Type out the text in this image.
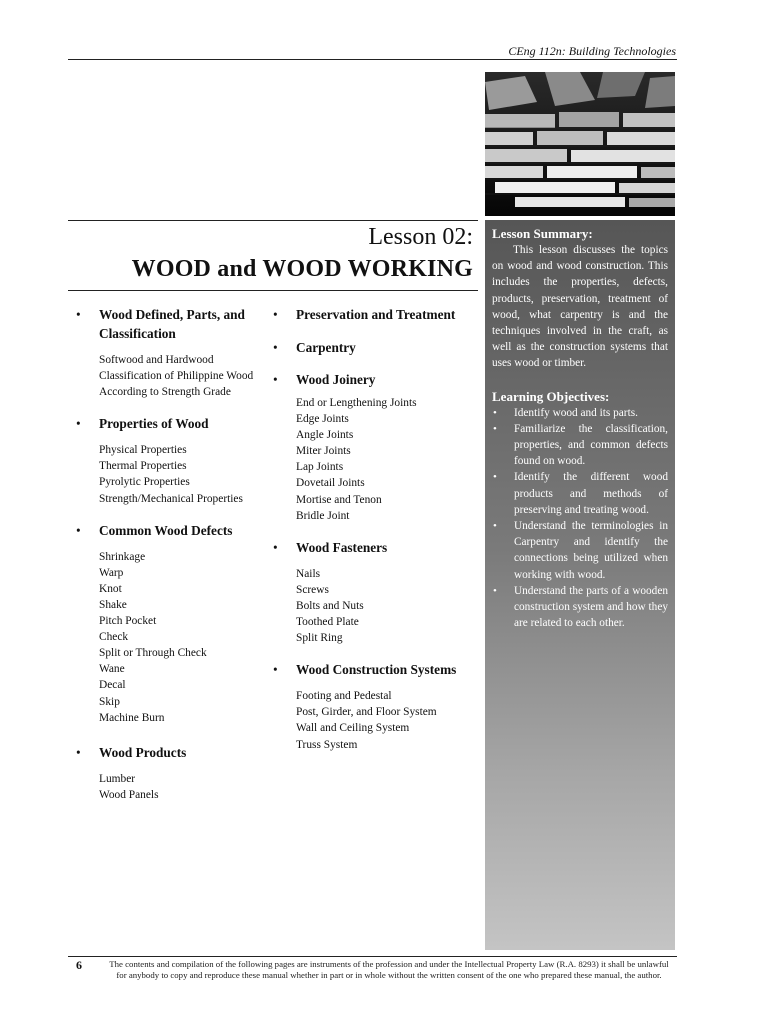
CEng 112n: Building Technologies
Lesson 02:
WOOD and WOOD WORKING
• Wood Defined, Parts, and Classification
Softwood and Hardwood
Classification of Philippine Wood
According to Strength Grade
• Properties of Wood
Physical Properties
Thermal Properties
Pyrolytic Properties
Strength/Mechanical Properties
• Common Wood Defects
Shrinkage
Warp
Knot
Shake
Pitch Pocket
Check
Split or Through Check
Wane
Decal
Skip
Machine Burn
• Wood Products
Lumber
Wood Panels
• Preservation and Treatment
• Carpentry
• Wood Joinery
End or Lengthening Joints
Edge Joints
Angle Joints
Miter Joints
Lap Joints
Dovetail Joints
Mortise and Tenon
Bridle Joint
• Wood Fasteners
Nails
Screws
Bolts and Nuts
Toothed Plate
Split Ring
• Wood Construction Systems
Footing and Pedestal
Post, Girder, and Floor System
Wall and Ceiling System
Truss System
Lesson Summary:

This lesson discusses the topics on wood and wood construction. This includes the properties, defects, products, preservation, treatment of wood, what carpentry is and the techniques involved in the craft, as well as the construction systems that uses wood or timber.

Learning Objectives:
• Identify wood and its parts.
• Familiarize the classification, properties, and common defects found on wood.
• Identify the different wood products and methods of preserving and treating wood.
• Understand the terminologies in Carpentry and identify the connections being utilized when working with wood.
• Understand the parts of a wooden construction system and how they are related to each other.
6	The contents and compilation of the following pages are instruments of the profession and under the Intellectual Property Law (R.A. 8293) it shall be unlawful for anybody to copy and reproduce these manual whether in part or in whole without the written consent of the one who prepared these manual, the author.
